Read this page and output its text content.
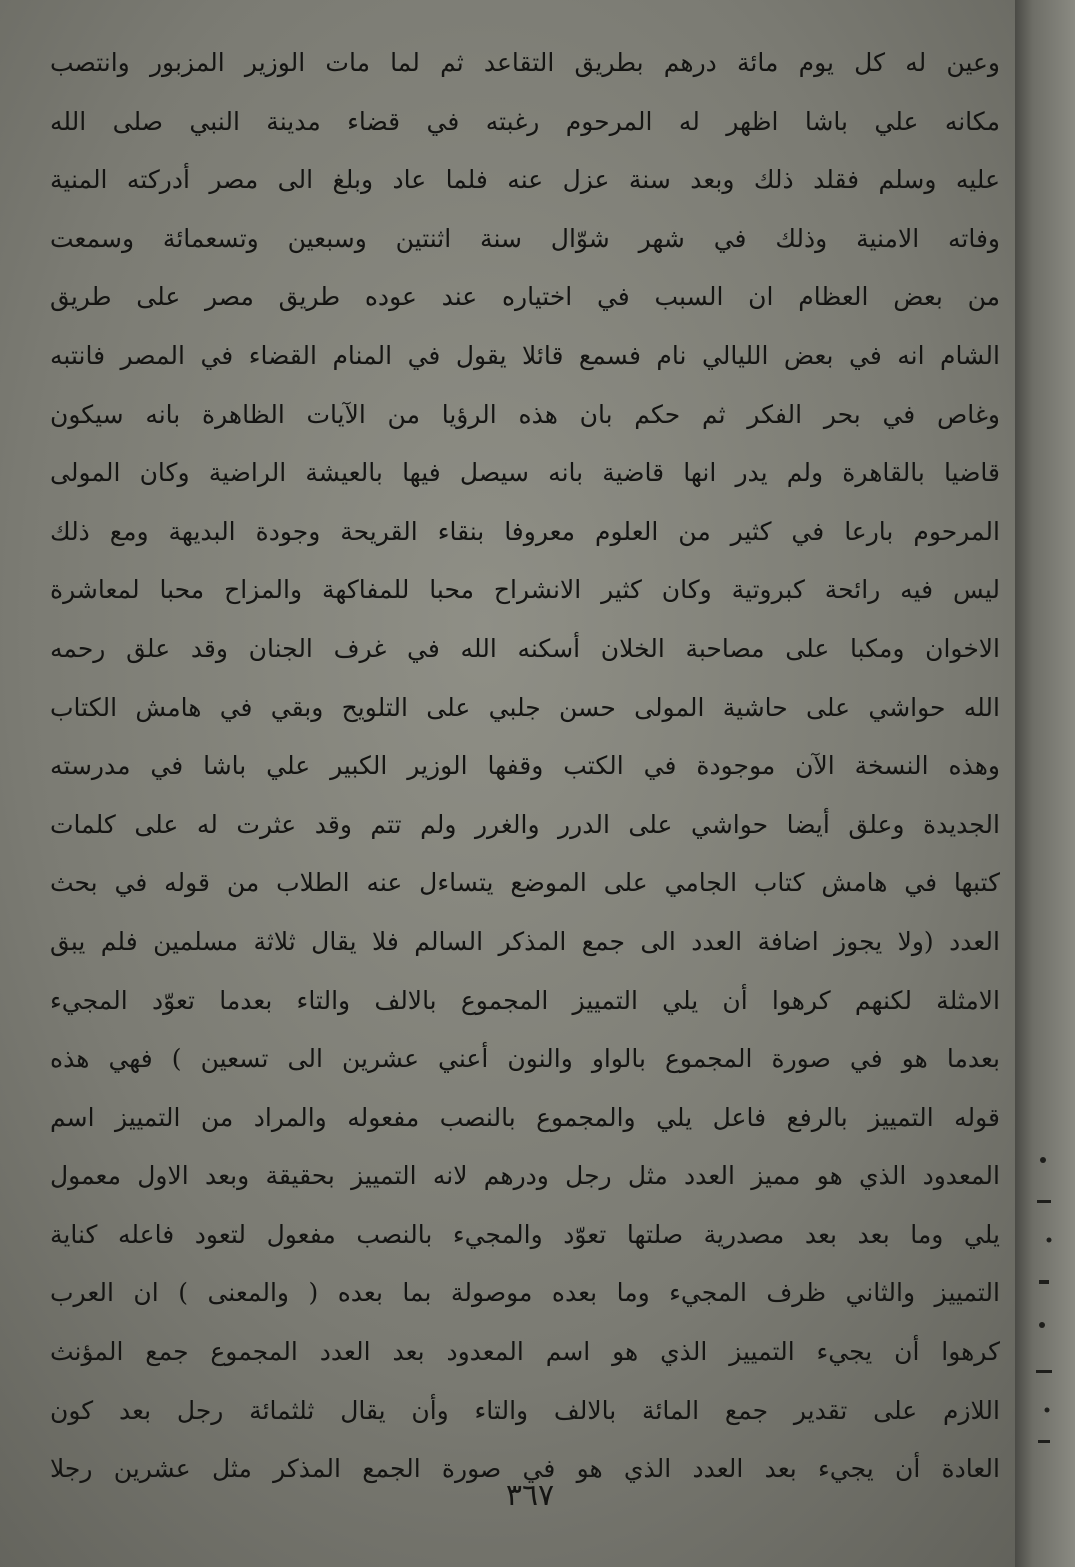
وعين له كل يوم مائة درهم بطريق التقاعد ثم لما مات الوزير المزبور وانتصب
مكانه علي باشا اظهر له المرحوم رغبته في قضاء مدينة النبي صلى الله
عليه وسلم فقلد ذلك وبعد سنة عزل عنه فلما عاد وبلغ الى مصر أدركته المنية
وفاته الامنية وذلك في شهر شوّال سنة اثنتين وسبعين وتسعمائة وسمعت
من بعض العظام ان السبب في اختياره عند عوده طريق مصر على طريق
الشام انه في بعض الليالي نام فسمع قائلا يقول في المنام القضاء في المصر فانتبه
وغاص في بحر الفكر ثم حكم بان هذه الرؤيا من الآيات الظاهرة بانه سيكون
قاضيا بالقاهرة ولم يدر انها قاضية بانه سيصل فيها بالعيشة الراضية وكان المولى
المرحوم بارعا في كثير من العلوم معروفا بنقاء القريحة وجودة البديهة ومع ذلك
ليس فيه رائحة كبروتية وكان كثير الانشراح محبا للمفاكهة والمزاح محبا لمعاشرة
الاخوان ومكبا على مصاحبة الخلان أسكنه الله في غرف الجنان وقد علق رحمه
الله حواشي على حاشية المولى حسن جلبي على التلويح وبقي في هامش الكتاب
وهذه النسخة الآن موجودة في الكتب وقفها الوزير الكبير علي باشا في مدرسته
الجديدة وعلق أيضا حواشي على الدرر والغرر ولم تتم وقد عثرت له على كلمات
كتبها في هامش كتاب الجامي على الموضع يتساءل عنه الطلاب من قوله في بحث
العدد (ولا يجوز اضافة العدد الى جمع المذكر السالم فلا يقال ثلاثة مسلمين فلم يبق
الامثلة لكنهم كرهوا أن يلي التمييز المجموع بالالف والتاء بعدما تعوّد المجيء
بعدما هو في صورة المجموع بالواو والنون أعني عشرين الى تسعين ) فهي هذه
قوله التمييز بالرفع فاعل يلي والمجموع بالنصب مفعوله والمراد من التمييز اسم
المعدود الذي هو مميز العدد مثل رجل ودرهم لانه التمييز بحقيقة وبعد الاول معمول
يلي وما بعد بعد مصدرية صلتها تعوّد والمجيء بالنصب مفعول لتعود فاعله كناية
التمييز والثاني ظرف المجيء وما بعده موصولة بما بعده ( والمعنى ) ان العرب
كرهوا أن يجيء التمييز الذي هو اسم المعدود بعد العدد المجموع جمع المؤنث
اللازم على تقدير جمع المائة بالالف والتاء وأن يقال ثلثمائة رجل بعد كون
العادة أن يجيء بعد العدد الذي هو في صورة الجمع المذكر مثل عشرين رجلا
٣٦٧
